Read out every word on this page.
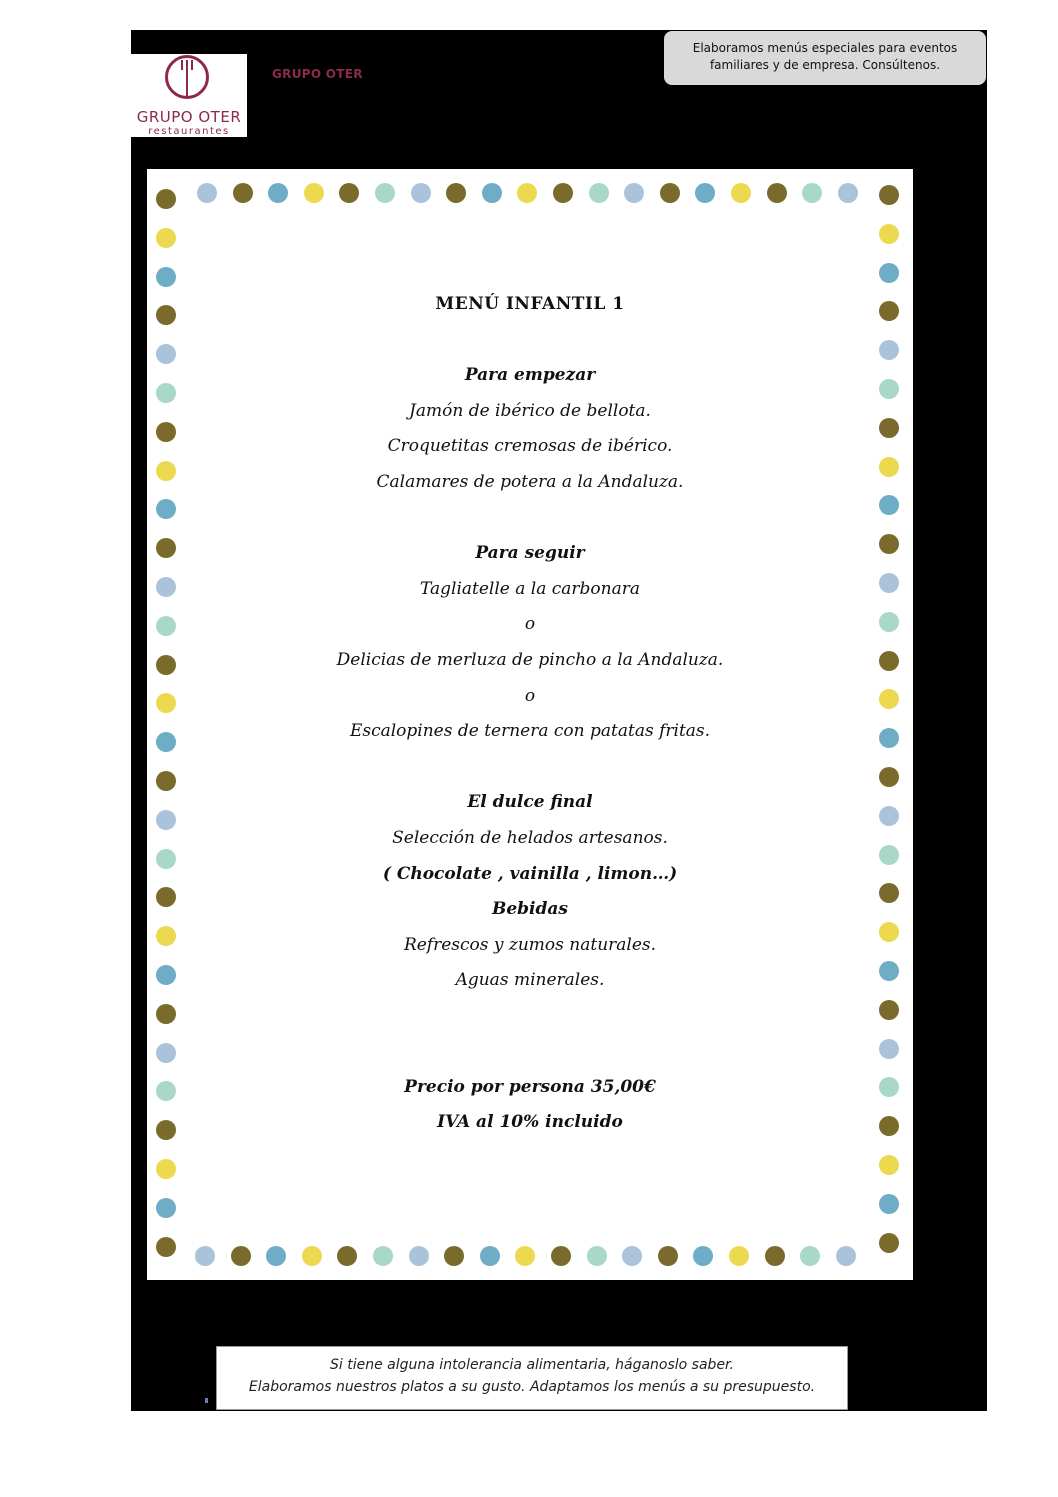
GRUPO OTER
restaurantes
GRUPO OTER
Elaboramos menús especiales para eventos
familiares y de empresa. Consúltenos.
MENÚ INFANTIL 1
Para empezar
Jamón de ibérico de bellota.
Croquetitas cremosas de ibérico.
Calamares de potera a la Andaluza.
Para seguir
Tagliatelle a la carbonara
o
Delicias de merluza de pincho a la Andaluza.
o
Escalopines de ternera con patatas fritas.
El dulce final
Selección de helados artesanos.
( Chocolate , vainilla , limon…)
Bebidas
Refrescos y zumos naturales.
Aguas minerales.
Precio por persona 35,00€
IVA al 10% incluido
Si tiene alguna intolerancia alimentaria, háganoslo saber.
Elaboramos nuestros platos a su gusto. Adaptamos los menús a su presupuesto.
